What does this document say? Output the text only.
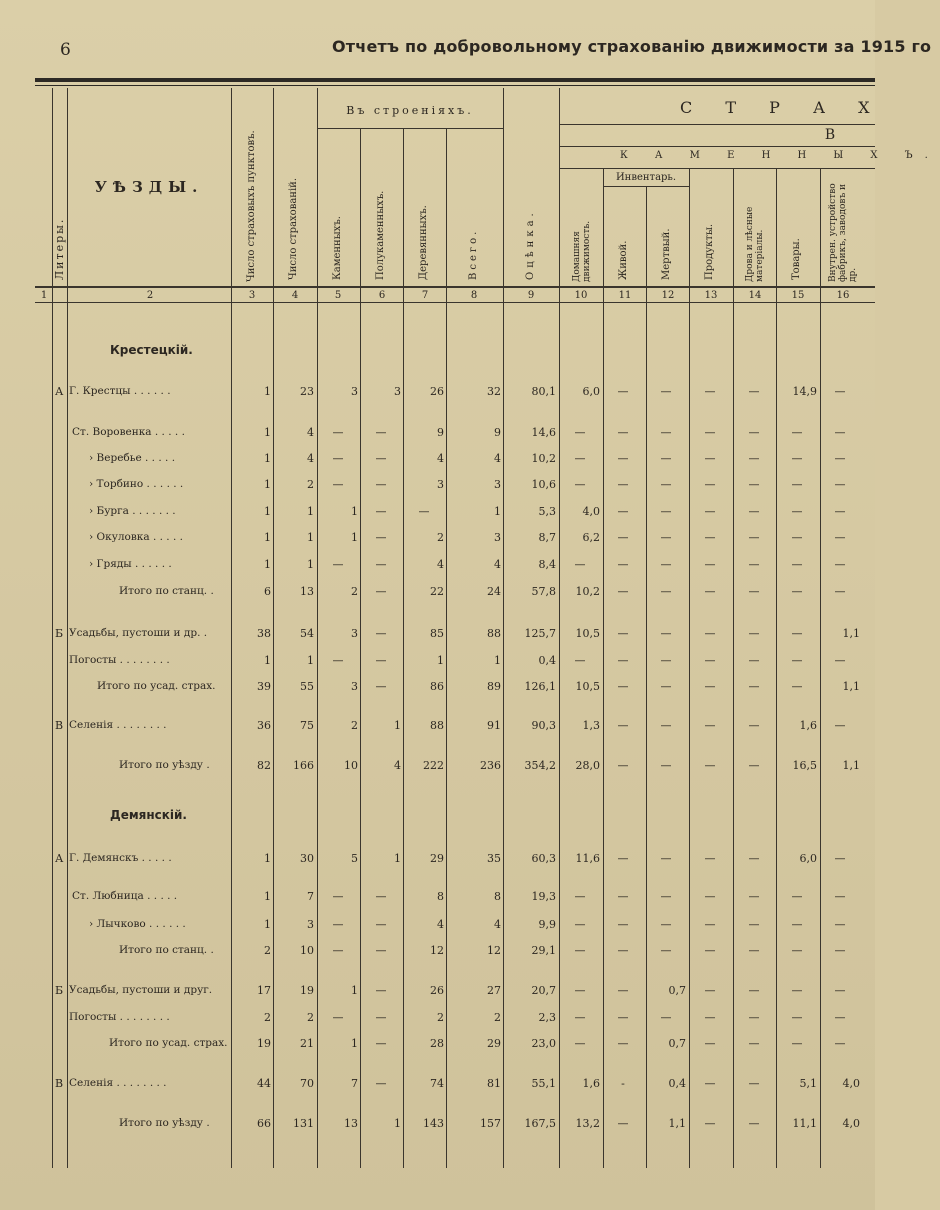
6	Отчетъ по добровольному страхованію движимости за 1915 го
Литеры.
УѢЗДЫ.	Число страховыхъ пунктовъ.	Число страхованій.
Въ строеніяхъ.
Каменныхъ.	Полукаменныхъ.	Деревянныхъ.	Всего.	Оцѣнка.
С Т Р А Х
В
К А М Е Н Н Ы Х Ъ.
Домашняя движимость.
Инвентарь.
Живой.	Мертвый.	Продукты.	Дрова и лѣсные матеріалы.	Товары.	Внутрен. устройство фабрикъ, заводовъ и др.
1	2	3	4	5	6	7	8	9	10	11	12	13	14	15	16
Крестецкій.
Демянскій.
А Г. Крестцы . . . . . .	1	23	3	3	26	32	80,1	6,0	—	—	—	—	14,9	—
Ст. Воровенка . . . . .	1	4	—	—	9	9	14,6	—	—	—	—	—	—	—
› Веребье . . . . .	1	4	—	—	4	4	10,2	—	—	—	—	—	—	—
› Торбино . . . . . .	1	2	—	—	3	3	10,6	—	—	—	—	—	—	—
› Бурга . . . . . . .	1	1	1	—	—	1	5,3	4,0	—	—	—	—	—	—
› Окуловка . . . . .	1	1	1	—	2	3	8,7	6,2	—	—	—	—	—	—
› Гряды . . . . . .	1	1	—	—	4	4	8,4	—	—	—	—	—	—	—
Итого по станц. .	6	13	2	—	22	24	57,8	10,2	—	—	—	—	—	—
Б Усадьбы, пустоши и др. .	38	54	3	—	85	88	125,7	10,5	—	—	—	—	—	1,1
Погосты . . . . . . . .	1	1	—	—	1	1	0,4	—	—	—	—	—	—	—
Итого по усад. страх.	39	55	3	—	86	89	126,1	10,5	—	—	—	—	—	1,1
В Селенія . . . . . . . .	36	75	2	1	88	91	90,3	1,3	—	—	—	—	1,6	—
Итого по уѣзду .	82	166	10	4	222	236	354,2	28,0	—	—	—	—	16,5	1,1
А Г. Демянскъ . . . . .	1	30	5	1	29	35	60,3	11,6	—	—	—	—	6,0	—
Ст. Любница . . . . .	1	7	—	—	8	8	19,3	—	—	—	—	—	—	—
› Лычково . . . . . .	1	3	—	—	4	4	9,9	—	—	—	—	—	—	—
Итого по станц. .	2	10	—	—	12	12	29,1	—	—	—	—	—	—	—
Б Усадьбы, пустоши и друг.	17	19	1	—	26	27	20,7	—	—	0,7	—	—	—	—
Погосты . . . . . . . .	2	2	—	—	2	2	2,3	—	—	—	—	—	—	—
Итого по усад. страх.	19	21	1	—	28	29	23,0	—	—	0,7	—	—	—	—
В Селенія . . . . . . . .	44	70	7	—	74	81	55,1	1,6	-	0,4	—	—	5,1	4,0
Итого по уѣзду .	66	131	13	1	143	157	167,5	13,2	—	1,1	—	—	11,1	4,0
